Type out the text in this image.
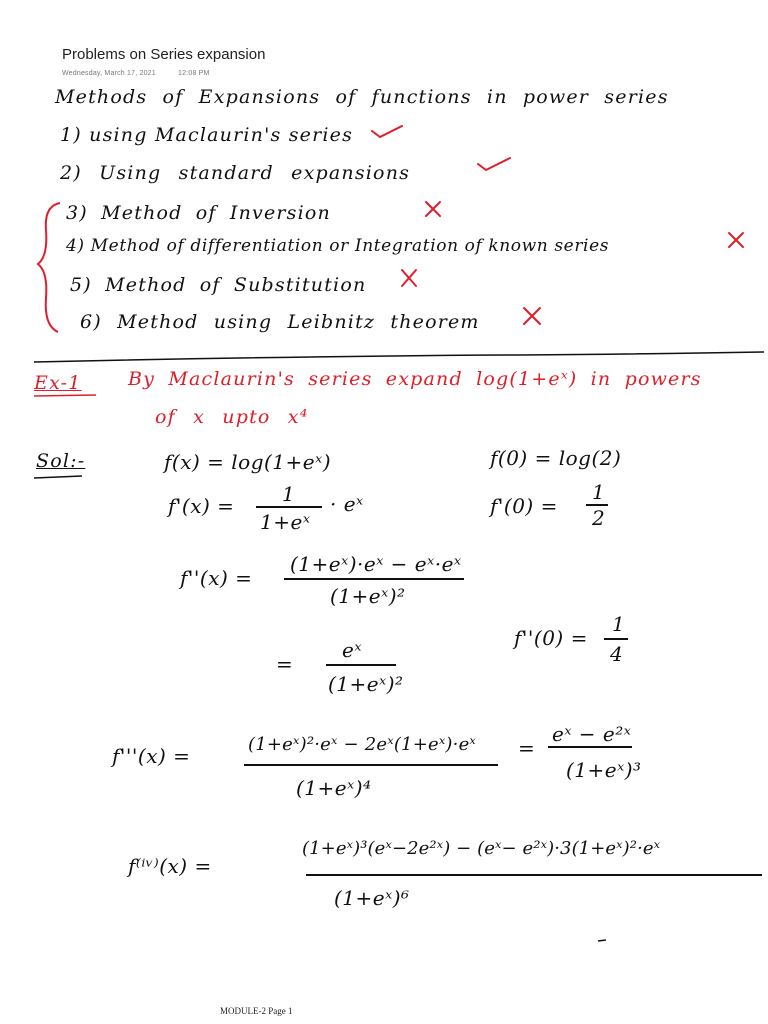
Problems on Series expansion
Wednesday, March 17, 2021	12:08 PM
Methods of Expansions of functions in power series
1) using Maclaurin's series
2) Using standard expansions
3) Method of Inversion
4) Method of differentiation or Integration of known series
5) Method of Substitution
6) Method using Leibnitz theorem
Ex-1 By Maclaurin's series expand log(1+eˣ) in powers
of x upto x⁴
Sol:-	f(x) = log(1+eˣ)	f(0) = log(2)
f'(x) = 1
1+eˣ
· eˣ	f'(0) =
1
2
f''(x) =
(1+eˣ)·eˣ − eˣ·eˣ
(1+eˣ)²
=
eˣ
(1+eˣ)²
f''(0) =
1
4
f'''(x) =	(1+eˣ)²·eˣ − 2eˣ(1+eˣ)·eˣ
(1+eˣ)⁴
=
eˣ − e²ˣ
(1+eˣ)³
f⁽ⁱᵛ⁾(x) =
(1+eˣ)³(eˣ−2e²ˣ) − (eˣ− e²ˣ)·3(1+eˣ)²·eˣ
(1+eˣ)⁶
MODULE-2 Page 1
